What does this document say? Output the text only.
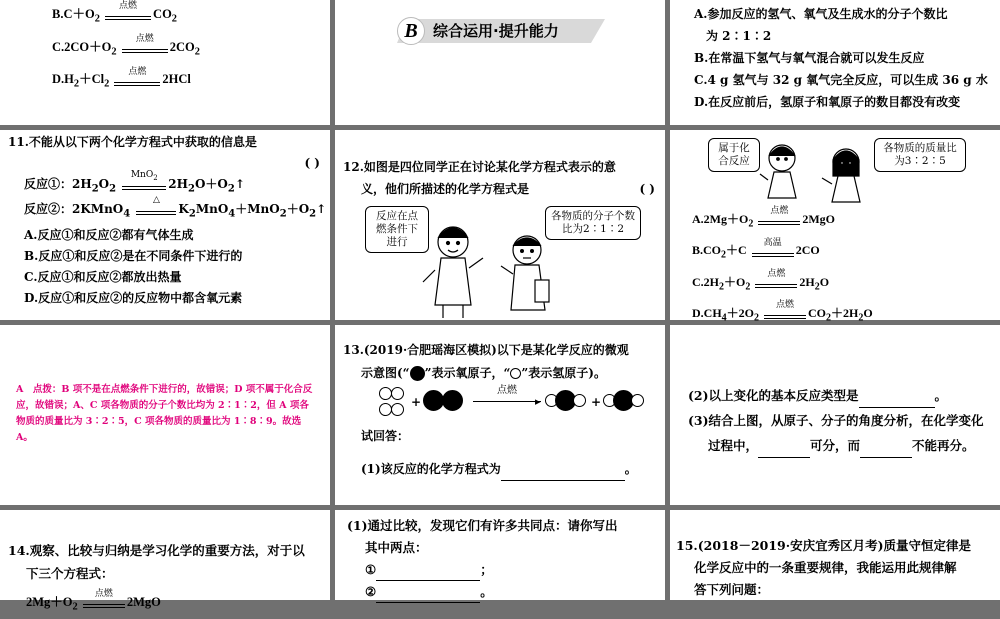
$B.C+O_2$
点燃
$CO_2$
$C.2CO+O_2$
点燃
$2CO_2$
$D.H_2+Cl_2$
点燃
2HCl
B	综合运用·提升能力
A.参加反应的氢气、氧气及生成水的分子个数比
为 2∶1∶2
B.在常温下氢气与氧气混合就可以发生反应
C.4 g 氢气与 32 g 氧气完全反应，可以生成 36 g 水
D.在反应前后，氢原子和氧原子的数目都没有改变
11.不能从以下两个化学方程式中获取的信息是
( )
反应①：$2H_2O_2$
MnO$_2$ $2H_2O+O_2↑$
反应②：2KMnO$_4$
△
$K_2MnO_4+MnO_2+O_2↑$
A.反应①和反应②都有气体生成
B.反应①和反应②是在不同条件下进行的
C.反应①和反应②都放出热量
D.反应①和反应②的反应物中都含氧元素
12.如图是四位同学正在讨论某化学方程式表示的意
义，他们所描述的化学方程式是	( )
反应在点燃条件下进行
各物质的分子个数比为2∶1∶2
属于化合反应
各物质的质量比为3∶2∶5
$A.2Mg+O_2$
点燃
2MgO
$B.CO_2+C$
高温
2CO
$C.2H_2+O_2$
点燃
$2H_2O$
$D.CH_4+2O_2$
点燃
$CO_2+2H_2O$
A　点拨：B 项不是在点燃条件下进行的，故错误；D 项不属于化合反应，故错误；A、C 项各物质的分子个数比均为 2∶1∶2，但 A 项各物质的质量比为 3∶2∶5，C 项各物质的质量比为 1∶8∶9。故选 A。
13.(2019·合肥瑶海区模拟)以下是某化学反应的微观
示意图(“ ”表示氧原子，“ ”表示氢原子)。
+
点燃
▸	+
试回答：
(1)该反应的化学方程式为	。
(2)以上变化的基本反应类型是	。
(3)结合上图，从原子、分子的角度分析，在化学变化
过程中，	可分，而	不能再分。
14.观察、比较与归纳是学习化学的重要方法，对于以
下三个方程式：
$2Mg+O_2$
点燃
2MgO
(1)通过比较，发现它们有许多共同点：请你写出
其中两点：
①	；
②	。
15.(2018－2019·安庆宜秀区月考)质量守恒定律是
化学反应中的一条重要规律，我能运用此规律解
答下列问题：
